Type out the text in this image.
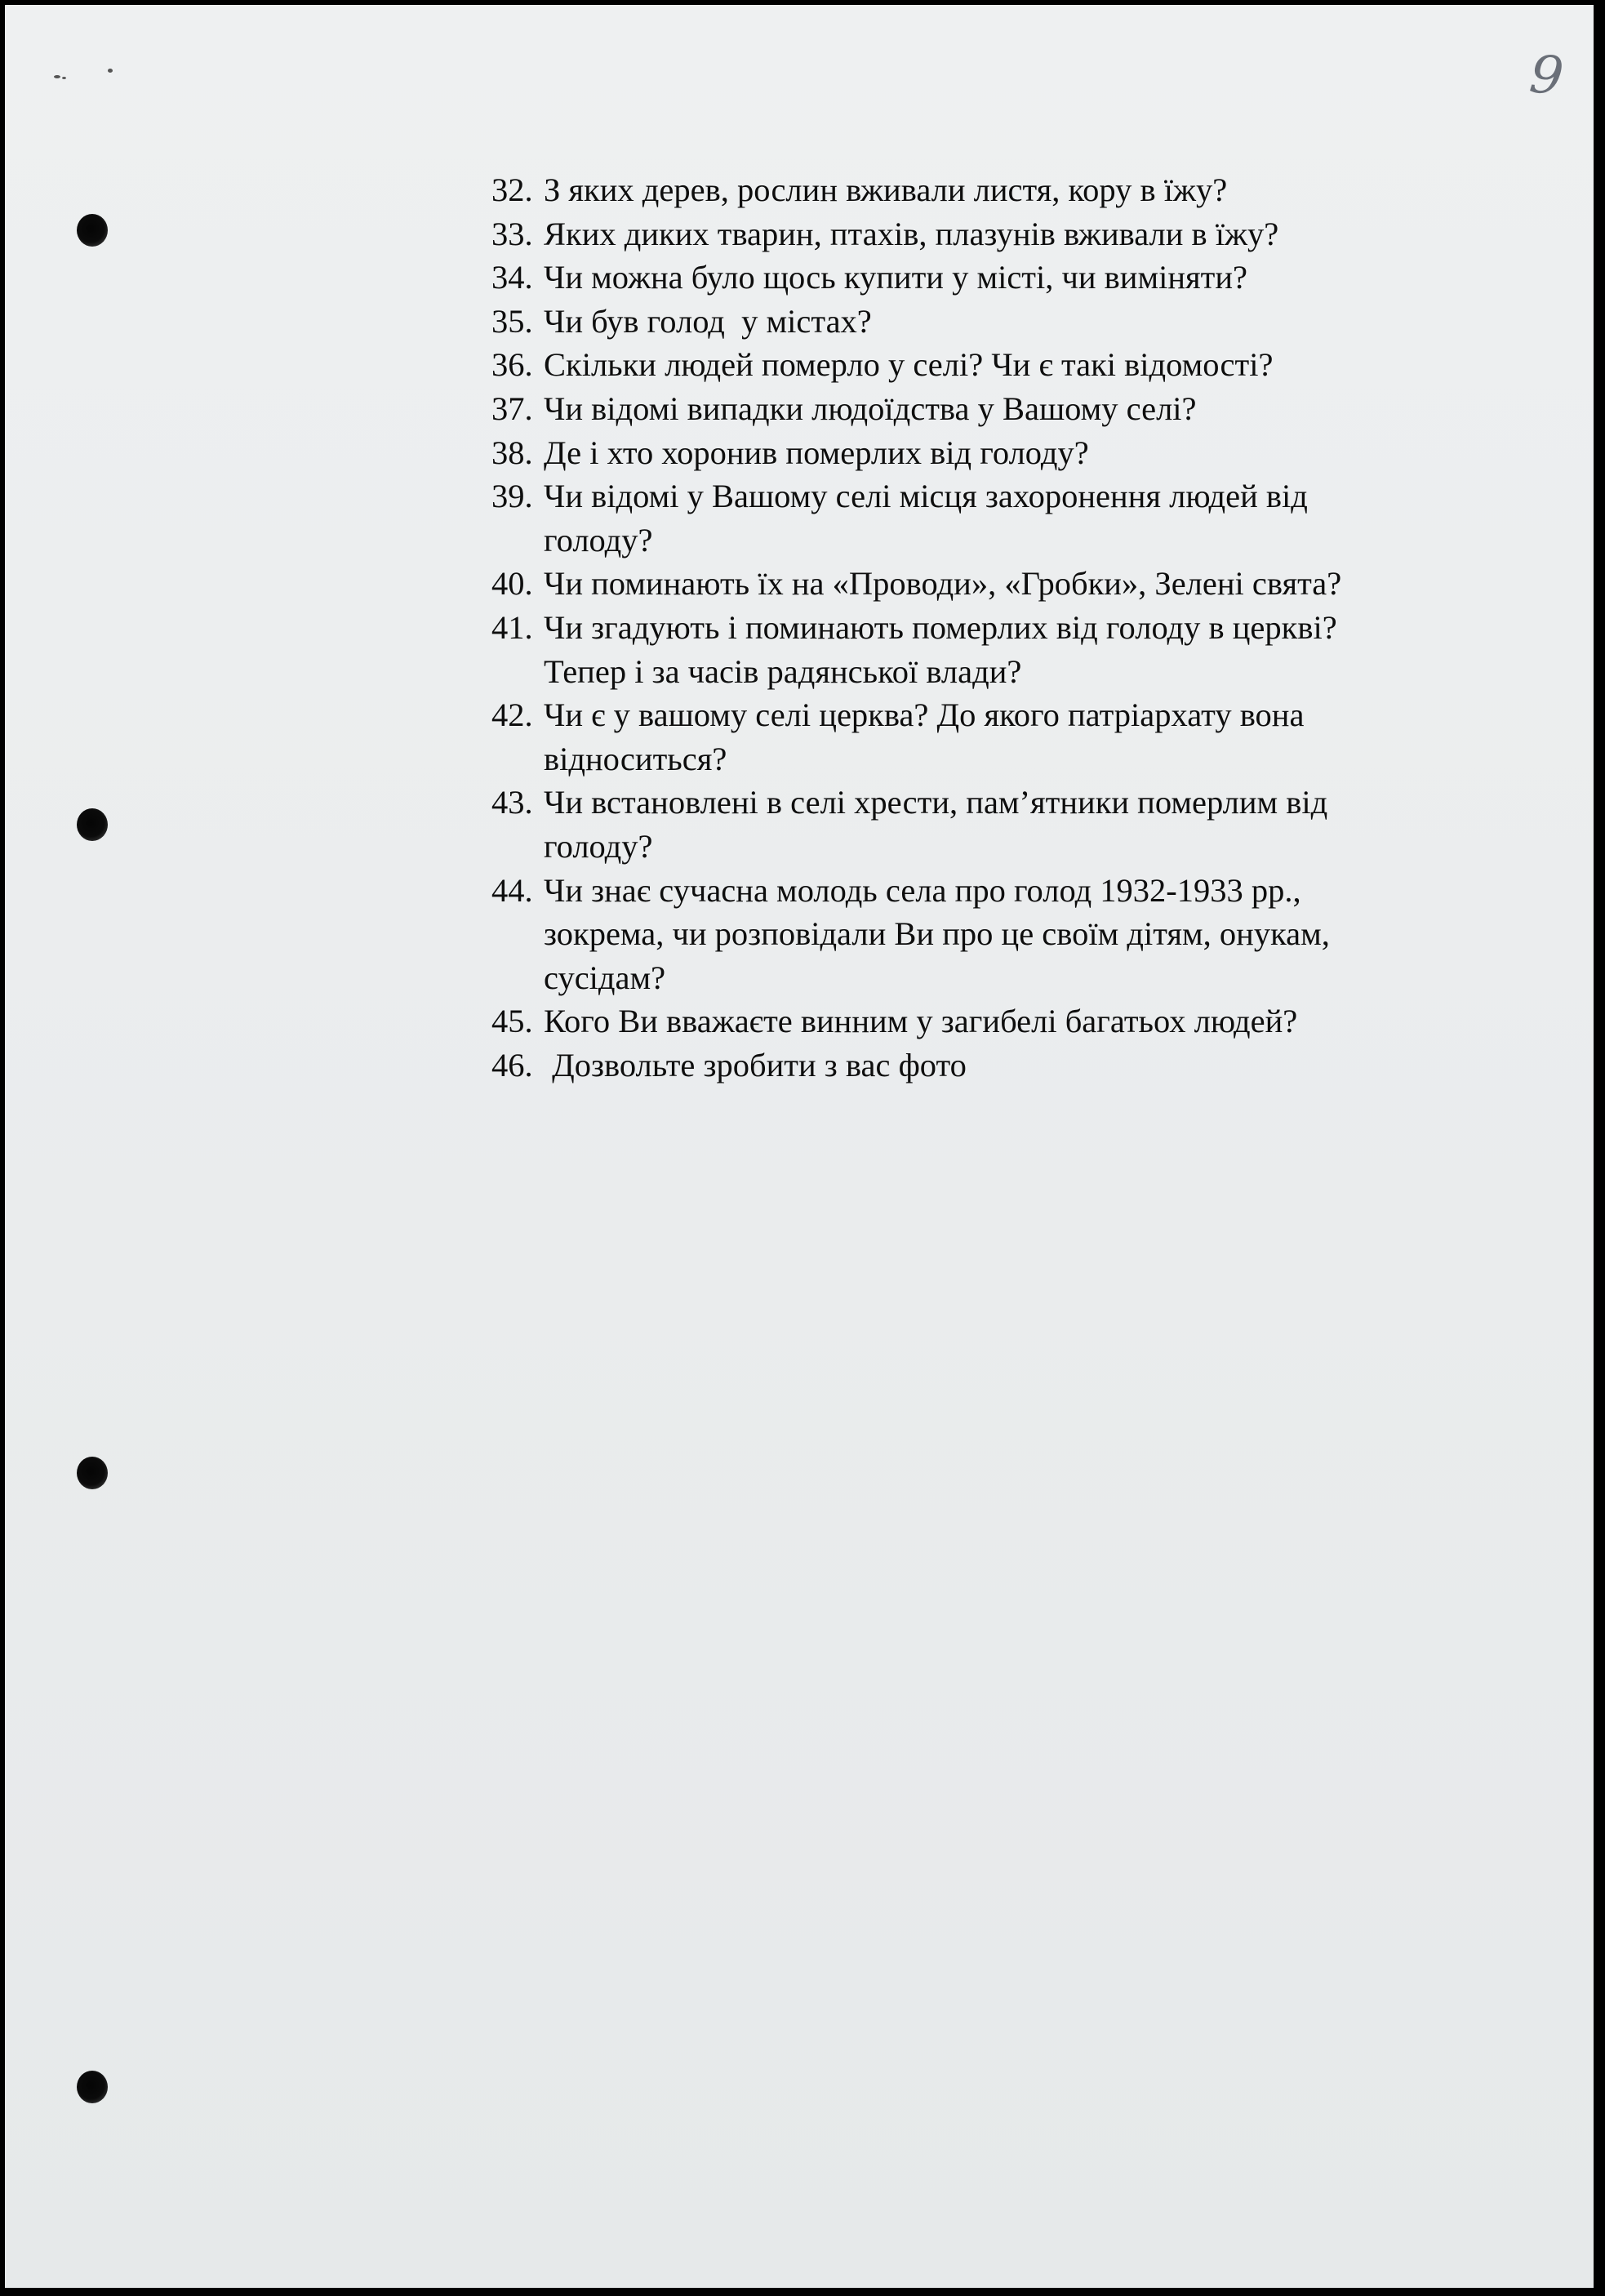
9
32. З яких дерев, рослин вживали листя, кору в їжу?
33. Яких диких тварин, птахів, плазунів вживали в їжу?
34. Чи можна було щось купити у місті, чи виміняти?
35. Чи був голод  у містах?
36. Скільки людей померло у селі? Чи є такі відомості?
37. Чи відомі випадки людоїдства у Вашому селі?
38. Де і хто хоронив померлих від голоду?
39. Чи відомі у Вашому селі місця захоронення людей від
голоду?
40. Чи поминають їх на «Проводи», «Гробки», Зелені свята?
41. Чи згадують і поминають померлих від голоду в церкві?
Тепер і за часів радянської влади?
42. Чи є у вашому селі церква? До якого патріархату вона
відноситься?
43. Чи встановлені в селі хрести, пам’ятники померлим від
голоду?
44. Чи знає сучасна молодь села про голод 1932-1933 рр.,
зокрема, чи розповідали Ви про це своїм дітям, онукам,
сусідам?
45. Кого Ви вважаєте винним у загибелі багатьох людей?
46. Дозвольте зробити з вас фото
